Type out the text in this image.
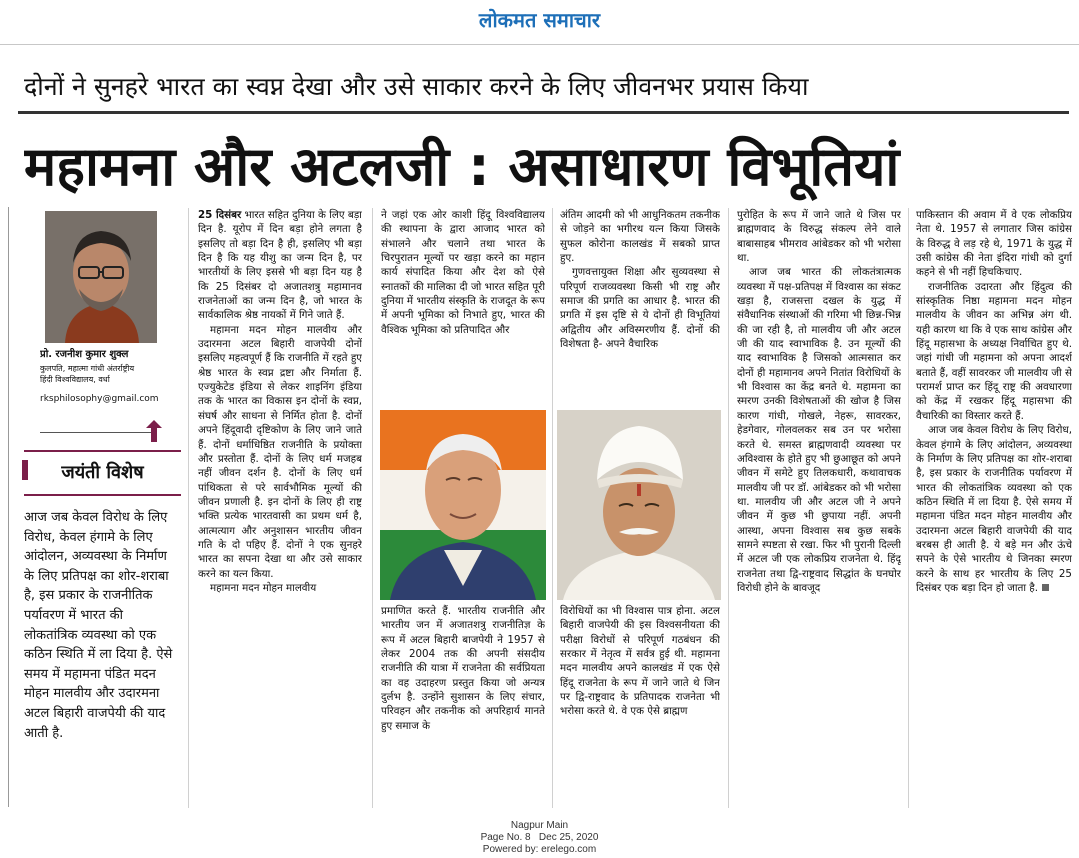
लोकमत समाचार
दोनों ने सुनहरे भारत का स्वप्न देखा और उसे साकार करने के लिए जीवनभर प्रयास किया
महामना और अटलजी : असाधारण विभूतियां
प्रो. रजनीश कुमार शुक्ल
कुलपति, महात्मा गांधी अंतर्राष्ट्रीय
हिंदी विश्वविद्यालय, वर्धा
rksphilosophy@gmail.com
जयंती विशेष
आज जब केवल विरोध के लिए विरोध, केवल हंगामे के लिए आंदोलन, अव्यवस्था के निर्माण के लिए प्रतिपक्ष का शोर-शराबा है, इस प्रकार के राजनीतिक पर्यावरण में भारत की लोकतांत्रिक व्यवस्था को एक कठिन स्थिति में ला दिया है. ऐसे समय में महामना पंडित मदन मोहन मालवीय और उदारमना अटल बिहारी वाजपेयी की याद आती है.

25 दिसंबर भारत सहित दुनिया के लिए बड़ा दिन है. यूरोप में दिन बड़ा होने लगता है इसलिए तो बड़ा दिन है ही, इसलिए भी बड़ा दिन है कि यह यीशु का जन्म दिन है, पर भारतीयों के लिए इससे भी बड़ा दिन यह है कि 25 दिसंबर दो अजातशत्रु महामानव राजनेताओं का जन्म दिन है, जो भारत के सार्वकालिक श्रेष्ठ नायकों में गिने जाते हैं.

महामना मदन मोहन मालवीय और उदारमना अटल बिहारी वाजपेयी दोनों इसलिए महत्वपूर्ण हैं कि राजनीति में रहते हुए श्रेष्ठ भारत के स्वप्न द्रष्टा और निर्माता हैं. एज्युकेटेड इंडिया से लेकर शाइनिंग इंडिया तक के भारत का विकास इन दोनों के स्वप्न, संघर्ष और साधना से निर्मित होता है. दोनों अपने हिंदूवादी दृष्टिकोण के लिए जाने जाते हैं. दोनों धर्माधिष्ठित राजनीति के प्रयोक्ता और प्रस्तोता हैं. दोनों के लिए धर्म मजहब नहीं जीवन दर्शन है. दोनों के लिए धर्म पांथिकता से परे सार्वभौमिक मूल्यों की जीवन प्रणाली है. इन दोनों के लिए ही राष्ट्र भक्ति प्रत्येक भारतवासी का प्रथम धर्म है, आत्मत्याग और अनुशासन भारतीय जीवन गति के दो पहिए हैं. दोनों ने एक सुनहरे भारत का सपना देखा था और उसे साकार करने का यत्न किया.

महामना मदन मोहन मालवीय

ने जहां एक ओर काशी हिंदू विश्वविद्यालय की स्थापना के द्वारा आजाद भारत को संभालने और चलाने तथा भारत के चिरपुरातन मूल्यों पर खड़ा करने का महान कार्य संपादित किया और देश को ऐसे स्नातकों की मालिका दी जो भारत सहित पूरी दुनिया में भारतीय संस्कृति के राजदूत के रूप में अपनी भूमिका को निभाते हुए, भारत की वैश्विक भूमिका को प्रतिपादित और

अंतिम आदमी को भी आधुनिकतम तकनीक से जोड़ने का भगीरथ यत्न किया जिसके सुफल कोरोना कालखंड में सबको प्राप्त हुए.

गुणवत्तायुक्त शिक्षा और सुव्यवस्था से परिपूर्ण राजव्यवस्था किसी भी राष्ट्र और समाज की प्रगति का आधार है. भारत की प्रगति में इस दृष्टि से ये दोनों ही विभूतियां अद्वितीय और अविस्मरणीय हैं. दोनों की विशेषता है- अपने वैचारिक

प्रमाणित करते हैं. भारतीय राजनीति और भारतीय जन में अजातशत्रु राजनीतिज्ञ के रूप में अटल बिहारी बाजपेयी ने 1957 से लेकर 2004 तक की अपनी संसदीय राजनीति की यात्रा में राजनेता की सर्वप्रियता का वह उदाहरण प्रस्तुत किया जो अन्यत्र दुर्लभ है. उन्होंने सुशासन के लिए संचार, परिवहन और तकनीक को अपरिहार्य मानते हुए समाज के

विरोधियों का भी विश्वास पात्र होना. अटल बिहारी वाजपेयी की इस विश्वसनीयता की परीक्षा विरोधों से परिपूर्ण गठबंधन की सरकार में नेतृत्व में सर्वत्र हुई थी. महामना मदन मालवीय अपने कालखंड में एक ऐसे हिंदू राजनेता के रूप में जाने जाते थे जिन पर द्वि-राष्ट्रवाद के प्रतिपादक राजनेता भी भरोसा करते थे. वे एक ऐसे ब्राह्मण

पुरोहित के रूप में जाने जाते थे जिस पर ब्राह्मणवाद के विरुद्ध संकल्प लेने वाले बाबासाहब भीमराव आंबेडकर को भी भरोसा था.

आज जब भारत की लोकतंत्रात्मक व्यवस्था में पक्ष-प्रतिपक्ष में विश्वास का संकट खड़ा है, राजसत्ता दखल के युद्ध में संवैधानिक संस्थाओं की गरिमा भी छिन्न-भिन्न की जा रही है, तो मालवीय जी और अटल जी की याद स्वाभाविक है. उन मूल्यों की याद स्वाभाविक है जिसको आत्मसात कर दोनों ही महामानव अपने नितांत विरोधियों के भी विश्वास का केंद्र बनते थे. महामना का स्मरण उनकी विशेषताओं की खोज है जिस कारण गांधी, गोखले, नेहरू, सावरकर, हेडगेवार, गोलवलकर सब उन पर भरोसा करते थे. समस्त ब्राह्मणवादी व्यवस्था पर अविश्वास के होते हुए भी छुआछूत को अपने जीवन में समेटे हुए तिलकधारी, कथावाचक मालवीय जी पर डॉ. आंबेडकर को भी भरोसा था. मालवीय जी और अटल जी ने अपने जीवन में कुछ भी छुपाया नहीं. अपनी आस्था, अपना विश्वास सब कुछ सबके सामने स्पष्टता से रखा. फिर भी पुरानी दिल्ली में अटल जी एक लोकप्रिय राजनेता थे. हिंदू राजनेता तथा द्वि-राष्ट्रवाद सिद्धांत के घनघोर विरोधी होने के बावजूद

पाकिस्तान की अवाम में वे एक लोकप्रिय नेता थे. 1957 से लगातार जिस कांग्रेस के विरुद्ध वे लड़ रहे थे, 1971 के युद्ध में उसी कांग्रेस की नेता इंदिरा गांधी को दुर्गा कहने से भी नहीं हिचकिचाए.

राजनीतिक उदारता और हिंदुत्व की सांस्कृतिक निष्ठा महामना मदन मोहन मालवीय के जीवन का अभिन्न अंग थी. यही कारण था कि वे एक साथ कांग्रेस और हिंदू महासभा के अध्यक्ष निर्वाचित हुए थे. जहां गांधी जी महामना को अपना आदर्श बताते हैं, वहीं सावरकर जी मालवीय जी से परामर्श प्राप्त कर हिंदू राष्ट्र की अवधारणा को केंद्र में रखकर हिंदू महासभा की वैचारिकी का विस्तार करते हैं.

आज जब केवल विरोध के लिए विरोध, केवल हंगामे के लिए आंदोलन, अव्यवस्था के निर्माण के लिए प्रतिपक्ष का शोर-शराबा है, इस प्रकार के राजनीतिक पर्यावरण में भारत की लोकतांत्रिक व्यवस्था को एक कठिन स्थिति में ला दिया है. ऐसे समय में महामना पंडित मदन मोहन मालवीय और उदारमना अटल बिहारी वाजपेयी की याद बरबस ही आती है. ये बड़े मन और ऊंचे सपने के ऐसे भारतीय थे जिनका स्मरण करने के साथ हर भारतीय के लिए 25 दिसंबर एक बड़ा दिन हो जाता है.

Nagpur Main
Page No. 8   Dec 25, 2020
Powered by: erelego.com
